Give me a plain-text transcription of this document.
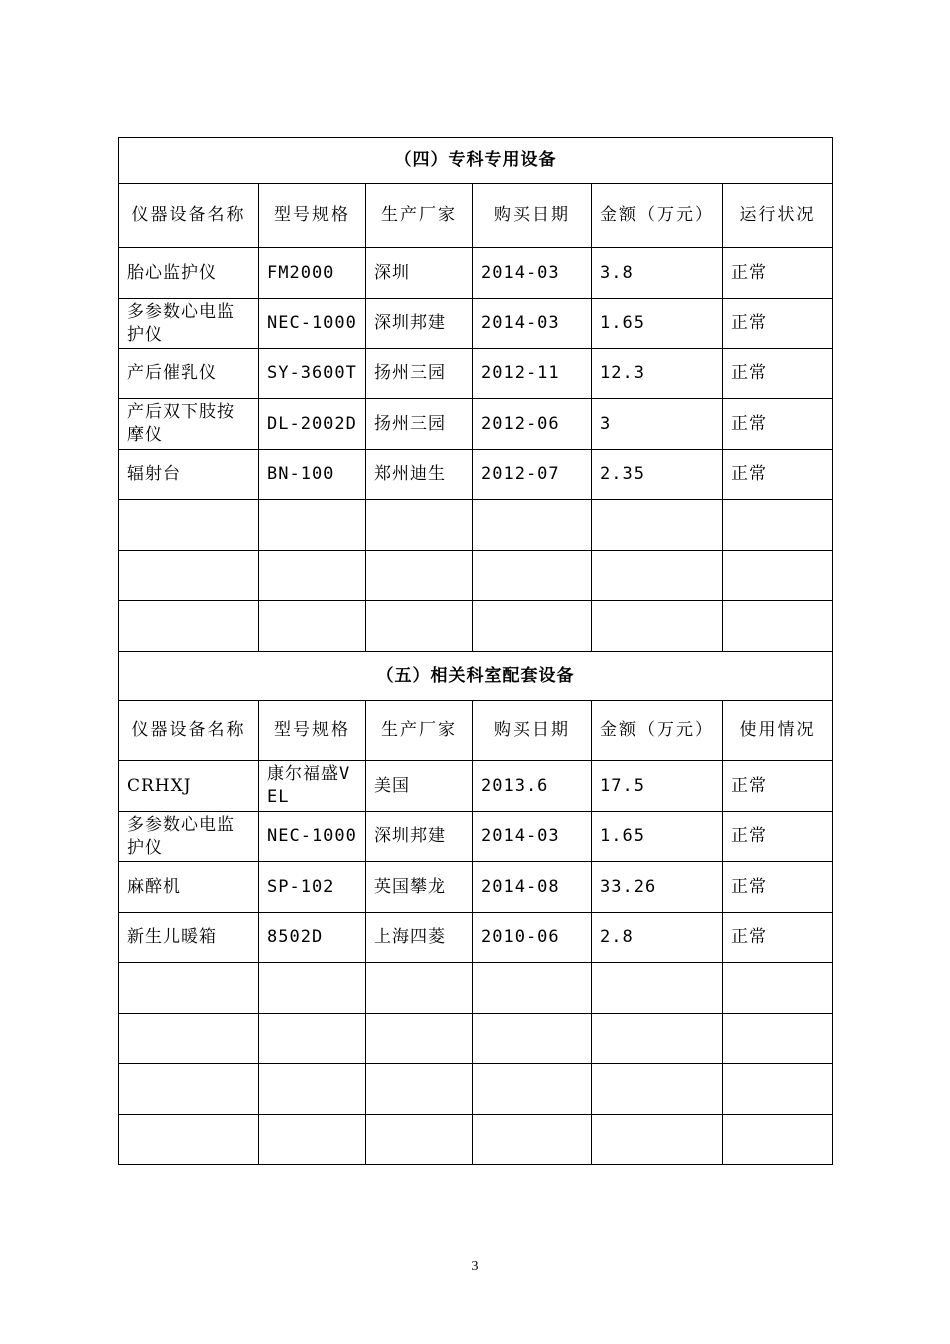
（四）专科专用设备					
仪器设备名称	型号规格	生产厂家	购买日期	金额（万元）	运行状况
胎心监护仪	FM2000	深圳	2014-03	3.8	正常
多参数心电监护仪	NEC-1000	深圳邦建	2014-03	1.65	正常
产后催乳仪	SY-3600T	扬州三园	2012-11	12.3	正常
产后双下肢按摩仪	DL-2002D	扬州三园	2012-06	3	正常
辐射台	BN-100	郑州迪生	2012-07	2.35	正常

（五）相关科室配套设备					
仪器设备名称	型号规格	生产厂家	购买日期	金额（万元）	使用情况
CRHXJ	康尔福盛VEL	美国	2013.6	17.5	正常
多参数心电监护仪	NEC-1000	深圳邦建	2014-03	1.65	正常
麻醉机	SP-102	英国攀龙	2014-08	33.26	正常
新生儿暖箱	8502D	上海四菱	2010-06	2.8	正常

3
